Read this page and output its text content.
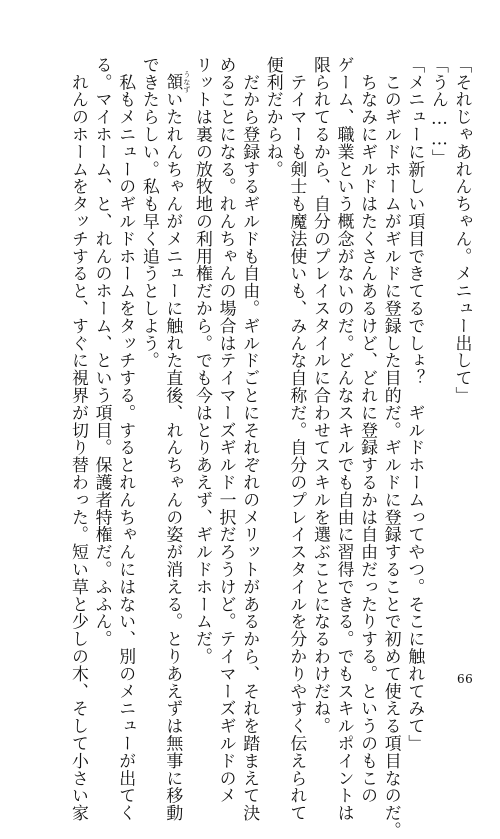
「それじゃあれんちゃん。メニュー出して」
「うん……」
「メニューに新しい項目できてるでしょ？　ギルドホームってやつ。そこに触れてみて」
　このギルドホームがギルドに登録した目的だ。ギルドに登録することで初めて使える項目なのだ。
　ちなみにギルドはたくさんあるけど、どれに登録するかは自由だったりする。というのもこの
ゲーム、職業という概念がないのだ。どんなスキルでも自由に習得できる。でもスキルポイントは
限られてるから、自分のプレイスタイルに合わせてスキルを選ぶことになるわけだね。
　テイマーも剣士も魔法使いも、みんな自称だ。自分のプレイスタイルを分かりやすく伝えられて
便利だからね。
　だから登録するギルドも自由。ギルドごとにそれぞれのメリットがあるから、それを踏まえて決
めることになる。れんちゃんの場合はテイマーズギルド一択だろうけど。テイマーズギルドのメ
リットは裏の放牧地の利用権だから。でも今はとりあえず、ギルドホームだ。
　頷 うなずいたれんちゃんがメニューに触れた直後、れんちゃんの姿が消える。とりあえずは無事に移動
できたらしい。私も早く追うとしよう。
　私もメニューのギルドホームをタッチする。するとれんちゃんにはない、別のメニューが出てく
る。マイホーム、と、れんのホーム、という項目。保護者特権だ。ふふん。
　れんのホームをタッチすると、すぐに視界が切り替わった。短い草と少しの木、そして小さい家	66
